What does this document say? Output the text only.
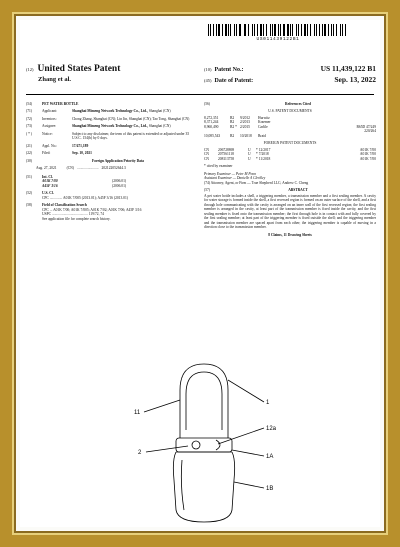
US011439122B1
(12) United States Patent
Zhang et al.
(10) Patent No.:	US 11,439,122 B1
(45) Date of Patent:	Sep. 13, 2022
(54)	PET WATER BOTTLE
(71)	Applicant:	Shanghai Mimeng Network Technology Co., Ltd., Shanghai (CN)
(72)	Inventors:	Chong Zhang, Shanghai (CN); Lin Jin, Shanghai (CN); Tao Tong, Shanghai (CN)
(73)	Assignee:	Shanghai Mimeng Network Technology Co., Ltd., Shanghai (CN)
( * )	Notice:	Subject to any disclaimer, the term of this patent is extended or adjusted under 35 U.S.C. 154(b) by 0 days.
(21)	Appl. No.:	17/471,189
(22)	Filed:	Sep. 10, 2021
(30)	Foreign Application Priority Data
Aug. 27, 2021	(CN) ........................ 202122052644.3
(51)	Int. Cl.

A01K 7/00	(2006.01)
A45F 3/16	(2006.01)
(52)	U.S. Cl.
CPC .............. A01K 7/005 (2013.01); A45F 3/16 (2013.01)
(58)	Field of Classification Search
CPC ... A01K 7/00; A01K 7/005; A01K 7/02; A01K 7/06; A45F 3/16
USPC ........................................ 119/72, 74
See application file for complete search history.
(56)	References Cited
U.S. PATENT DOCUMENTS
8,272,351	B2	9/2012	Hurwitz
8,371,244	B2	2/2013	Kraemer
8,960,490	B2 * 2/2015	Carlile	B65D 47/249
220/264
10,085,543	B2	10/2018	Braid
FOREIGN PATENT DOCUMENTS
CN	206728869	U	* 12/2017	A01K 7/00
CN	207561118	U	* 7/2018	A01K 7/00
CN	208113758	U	* 11/2018	A01K 7/00
* cited by examiner
Primary Examiner — Peter M Poon
Assistant Examiner — Danielle A Clerkley
(74) Attorney, Agent, or Firm — True Shepherd LLC; Andrew C. Cheng
(57)	ABSTRACT
A pet water bottle includes a shell, a triggering member, a transmission member and a first sealing member. A cavity for water storage is formed inside the shell, a first recessed region is formed on an outer surface of the shell, and a first through hole communicating with the cavity is arranged on an inner wall of the first recessed region; the first sealing member is arranged in the cavity, at least part of the transmission member is fixed inside the cavity, and the first sealing member is fixed onto the transmission member; the first through hole is in contact with and fully covered by the first sealing member; at least part of the triggering member is fixed outside the shell; and the triggering member and the transmission member are spaced apart from each other; the triggering member is capable of moving in a direction close to the transmission member.
8 Claims, 11 Drawing Sheets
11
1
12a
2
1A
1B
